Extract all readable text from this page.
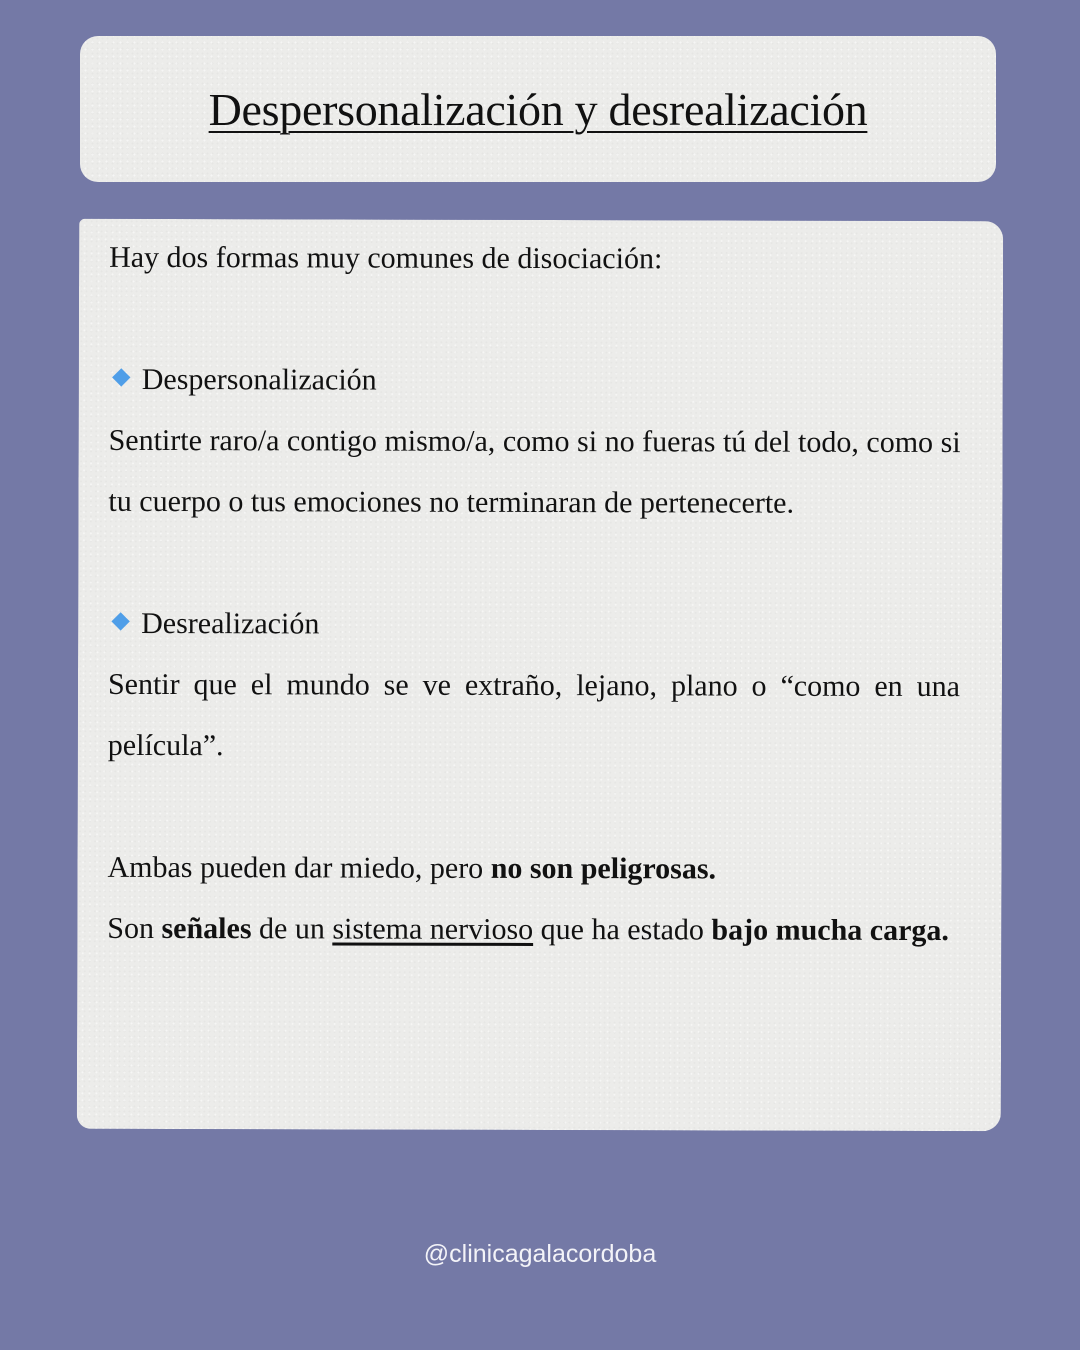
Despersonalización y desrealización

Hay dos formas muy comunes de disociación:

Despersonalización

Sentirte raro/a contigo mismo/a, como si no fueras tú del todo, como si tu cuerpo o tus emociones no terminaran de pertenecerte.

Desrealización

Sentir que el mundo se ve extraño, lejano, plano o “como en una película”.

Ambas pueden dar miedo, pero no son peligrosas.

Son señales de un sistema nervioso que ha estado bajo mucha carga.

@clinicagalacordoba
